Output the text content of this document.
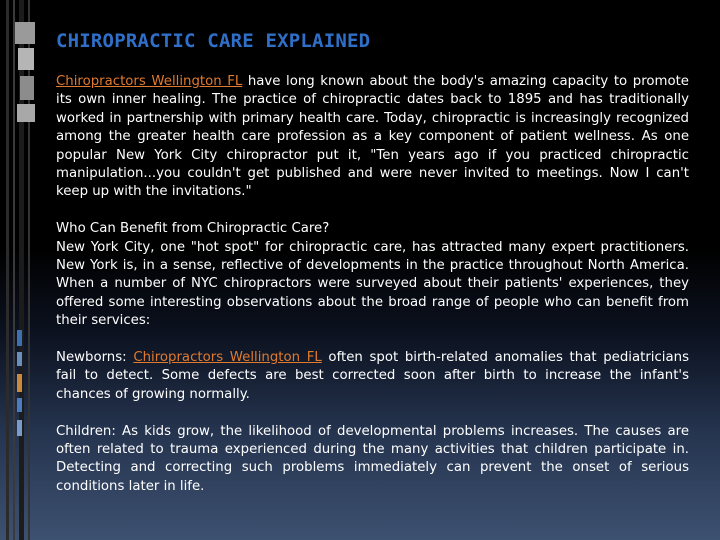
CHIROPRACTIC CARE EXPLAINED

Chiropractors Wellington FL have long known about the body's amazing capacity to promote its own inner healing. The practice of chiropractic dates back to 1895 and has traditionally worked in partnership with primary health care. Today, chiropractic is increasingly recognized among the greater health care profession as a key component of patient wellness. As one popular New York City chiropractor put it, "Ten years ago if you practiced chiropractic manipulation...you couldn't get published and were never invited to meetings. Now I can't keep up with the invitations."

Who Can Benefit from Chiropractic Care?

New York City, one "hot spot" for chiropractic care, has attracted many expert practitioners. New York is, in a sense, reflective of developments in the practice throughout North America. When a number of NYC chiropractors were surveyed about their patients' experiences, they offered some interesting observations about the broad range of people who can benefit from their services:

Newborns: Chiropractors Wellington FL often spot birth-related anomalies that pediatricians fail to detect. Some defects are best corrected soon after birth to increase the infant's chances of growing normally.

Children: As kids grow, the likelihood of developmental problems increases. The causes are often related to trauma experienced during the many activities that children participate in. Detecting and correcting such problems immediately can prevent the onset of serious conditions later in life.
